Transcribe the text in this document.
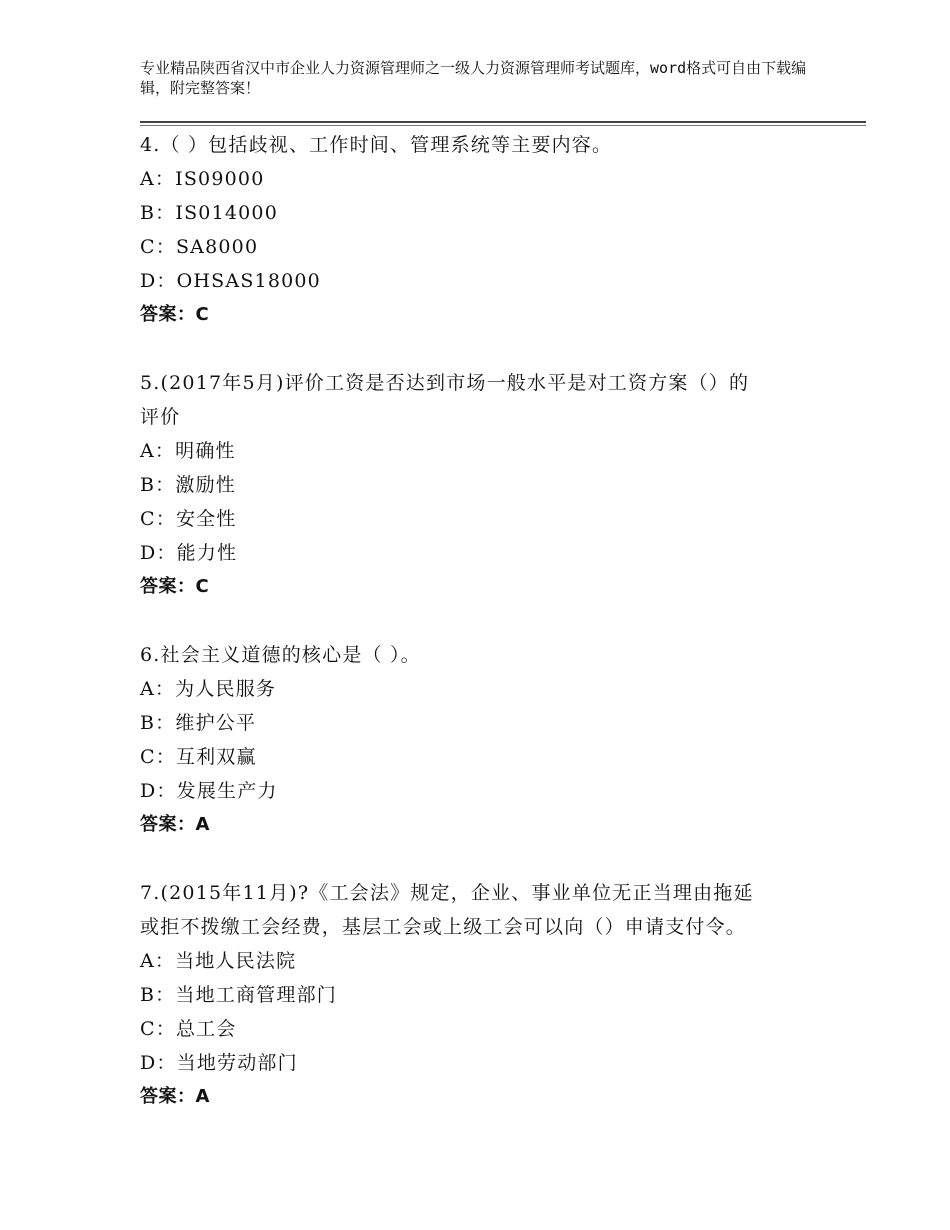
专业精品陕西省汉中市企业人力资源管理师之一级人力资源管理师考试题库，word格式可自由下载编辑，附完整答案！
4.（ ）包括歧视、工作时间、管理系统等主要内容。
A：IS09000
B：IS014000
C：SA8000
D：OHSAS18000
答案：C
5.(2017年5月)评价工资是否达到市场一般水平是对工资方案（）的
评价
A：明确性
B：激励性
C：安全性
D：能力性
答案：C
6.社会主义道德的核心是（ ）。
A：为人民服务
B：维护公平
C：互利双赢
D：发展生产力
答案：A
7.(2015年11月)?《工会法》规定，企业、事业单位无正当理由拖延
或拒不拨缴工会经费，基层工会或上级工会可以向（）申请支付令。
A：当地人民法院
B：当地工商管理部门
C：总工会
D：当地劳动部门
答案：A
